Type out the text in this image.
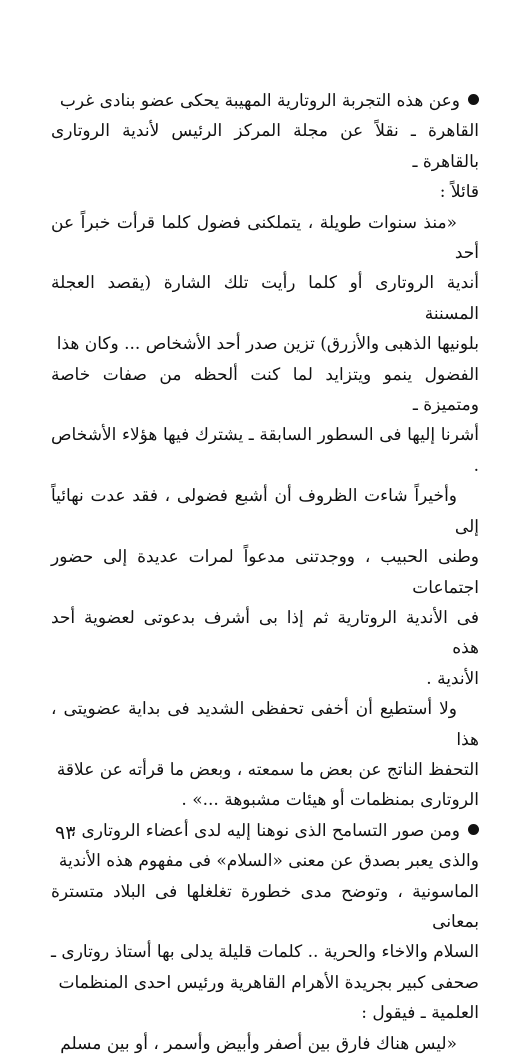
وعن هذه التجربة الروتارية المهيبة يحكى عضو بنادى غرب
القاهرة ـ نقلاً عن مجلة المركز الرئيس لأندية الروتارى بالقاهرة ـ
قائلاً :

«منذ سنوات طويلة ، يتملكنى فضول كلما قرأت خبراً عن أحد
أندية الروتارى أو كلما رأيت تلك الشارة (يقصد العجلة المسننة
بلونيها الذهبى والأزرق) تزين صدر أحد الأشخاص ... وكان هذا
الفضول ينمو ويتزايد لما كنت ألحظه من صفات خاصة ومتميزة ـ
أشرنا إليها فى السطور السابقة ـ يشترك فيها هؤلاء الأشخاص .

وأخيراً شاءت الظروف أن أشبع فضولى ، فقد عدت نهائياً إلى
وطنى الحبيب ، ووجدتنى مدعواً لمرات عديدة إلى حضور اجتماعات
فى الأندية الروتارية ثم إذا بى أشرف بدعوتى لعضوية أحد هذه
الأندية .

ولا أستطيع أن أخفى تحفظى الشديد فى بداية عضويتى ، هذا
التحفظ الناتج عن بعض ما سمعته ، وبعض ما قرأته عن علاقة
الروتارى بمنظمات أو هيئات مشبوهة ...» .

ومن صور التسامح الذى نوهنا إليه لدى أعضاء الروتارى ،
والذى يعبر بصدق عن معنى «السلام» فى مفهوم هذه الأندية
الماسونية ، وتوضح مدى خطورة تغلغلها فى البلاد متسترة بمعانى
السلام والاخاء والحرية .. كلمات قليلة يدلى بها أستاذ روتارى ـ
صحفى كبير بجريدة الأهرام القاهرية ورئيس احدى المنظمات
العلمية ـ فيقول :

«ليس هناك فارق بين أصفر وأبيض وأسمر ، أو بين مسلم

٩٣
